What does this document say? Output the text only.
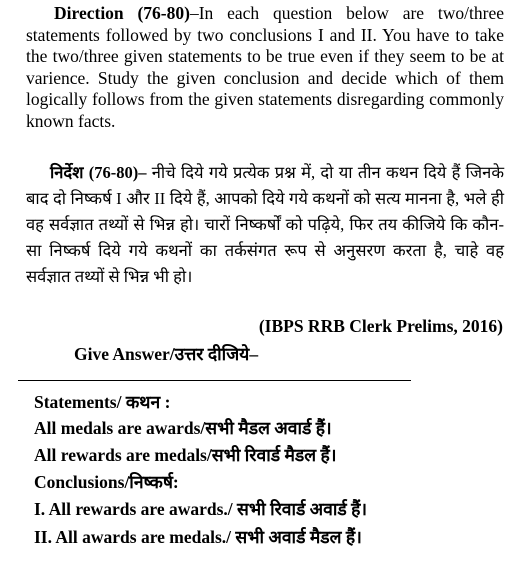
Direction (76-80)–In each question below are two/three statements followed by two conclusions I and II. You have to take the two/three given statements to be true even if they seem to be at varience. Study the given conclusion and decide which of them logically follows from the given statements disregarding commonly known facts.
निर्देश (76-80)– नीचे दिये गये प्रत्येक प्रश्न में, दो या तीन कथन दिये हैं जिनके बाद दो निष्कर्ष I और II दिये हैं, आपको दिये गये कथनों को सत्य मानना है, भले ही वह सर्वज्ञात तथ्यों से भिन्न हो। चारों निष्कर्षों को पढ़िये, फिर तय कीजिये कि कौन-सा निष्कर्ष दिये गये कथनों का तर्कसंगत रूप से अनुसरण करता है, चाहे वह सर्वज्ञात तथ्यों से भिन्न भी हो।
(IBPS RRB Clerk Prelims, 2016)
Give Answer/उत्तर दीजिये–
Statements/ कथन :
All medals are awards/सभी मैडल अवार्ड हैं।
All rewards are medals/सभी रिवार्ड मैडल हैं।
Conclusions/निष्कर्ष:
I. All rewards are awards./ सभी रिवार्ड अवार्ड हैं।
II. All awards are medals./ सभी अवार्ड मैडल हैं।
